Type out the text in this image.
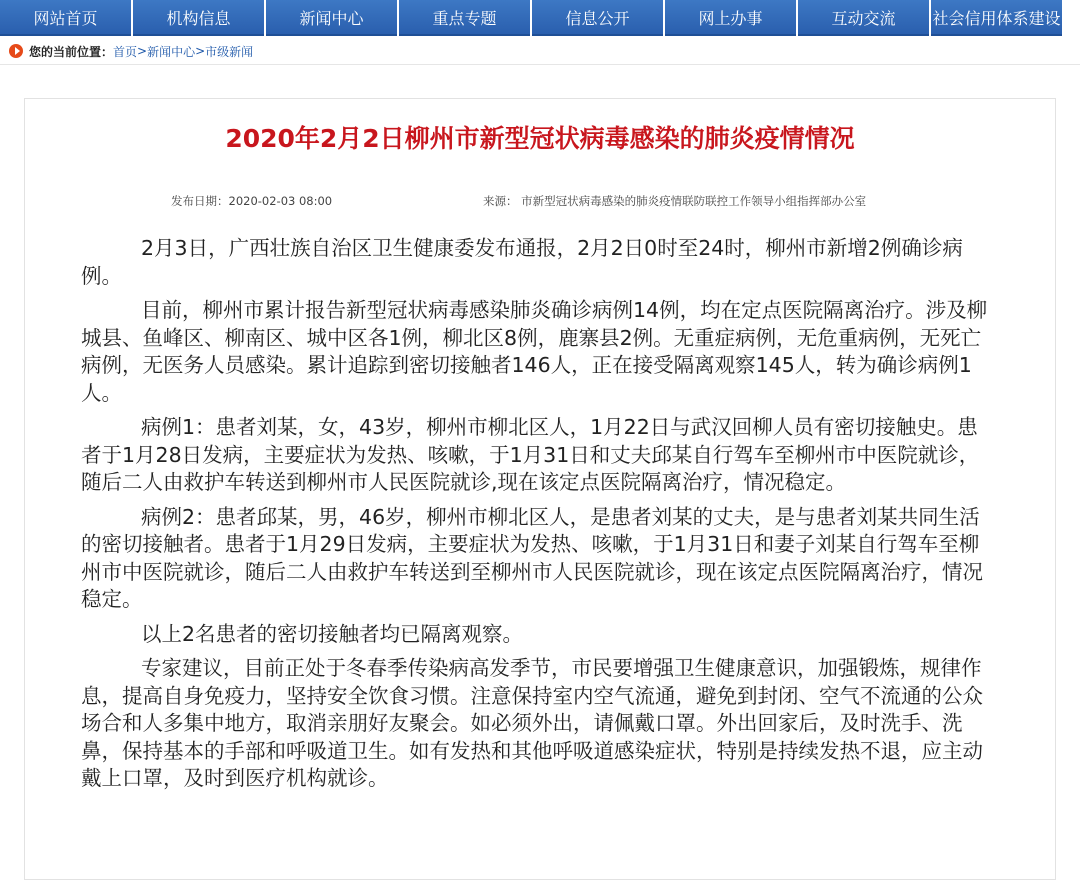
网站首页	机构信息	新闻中心	重点专题	信息公开	网上办事	互动交流	社会信用体系建设
您的当前位置： 首页 > 新闻中心 > 市级新闻
2020年2月2日柳州市新型冠状病毒感染的肺炎疫情情况
发布日期：2020-02-03 08:00	来源： 市新型冠状病毒感染的肺炎疫情联防联控工作领导小组指挥部办公室

2月3日，广西壮族自治区卫生健康委发布通报，2月2日0时至24时，柳州市新增2例确诊病例。

目前，柳州市累计报告新型冠状病毒感染肺炎确诊病例14例，均在定点医院隔离治疗。涉及柳城县、鱼峰区、柳南区、城中区各1例，柳北区8例，鹿寨县2例。无重症病例，无危重病例，无死亡病例，无医务人员感染。累计追踪到密切接触者146人，正在接受隔离观察145人，转为确诊病例1人。

病例1：患者刘某，女，43岁，柳州市柳北区人，1月22日与武汉回柳人员有密切接触史。患者于1月28日发病，主要症状为发热、咳嗽，于1月31日和丈夫邱某自行驾车至柳州市中医院就诊，随后二人由救护车转送到柳州市人民医院就诊,现在该定点医院隔离治疗，情况稳定。

病例2：患者邱某，男，46岁，柳州市柳北区人，是患者刘某的丈夫，是与患者刘某共同生活的密切接触者。患者于1月29日发病，主要症状为发热、咳嗽，于1月31日和妻子刘某自行驾车至柳州市中医院就诊，随后二人由救护车转送到至柳州市人民医院就诊，现在该定点医院隔离治疗，情况稳定。

以上2名患者的密切接触者均已隔离观察。

专家建议，目前正处于冬春季传染病高发季节，市民要增强卫生健康意识，加强锻炼，规律作息，提高自身免疫力，坚持安全饮食习惯。注意保持室内空气流通，避免到封闭、空气不流通的公众场合和人多集中地方，取消亲朋好友聚会。如必须外出，请佩戴口罩。外出回家后，及时洗手、洗鼻，保持基本的手部和呼吸道卫生。如有发热和其他呼吸道感染症状，特别是持续发热不退，应主动戴上口罩，及时到医疗机构就诊。
